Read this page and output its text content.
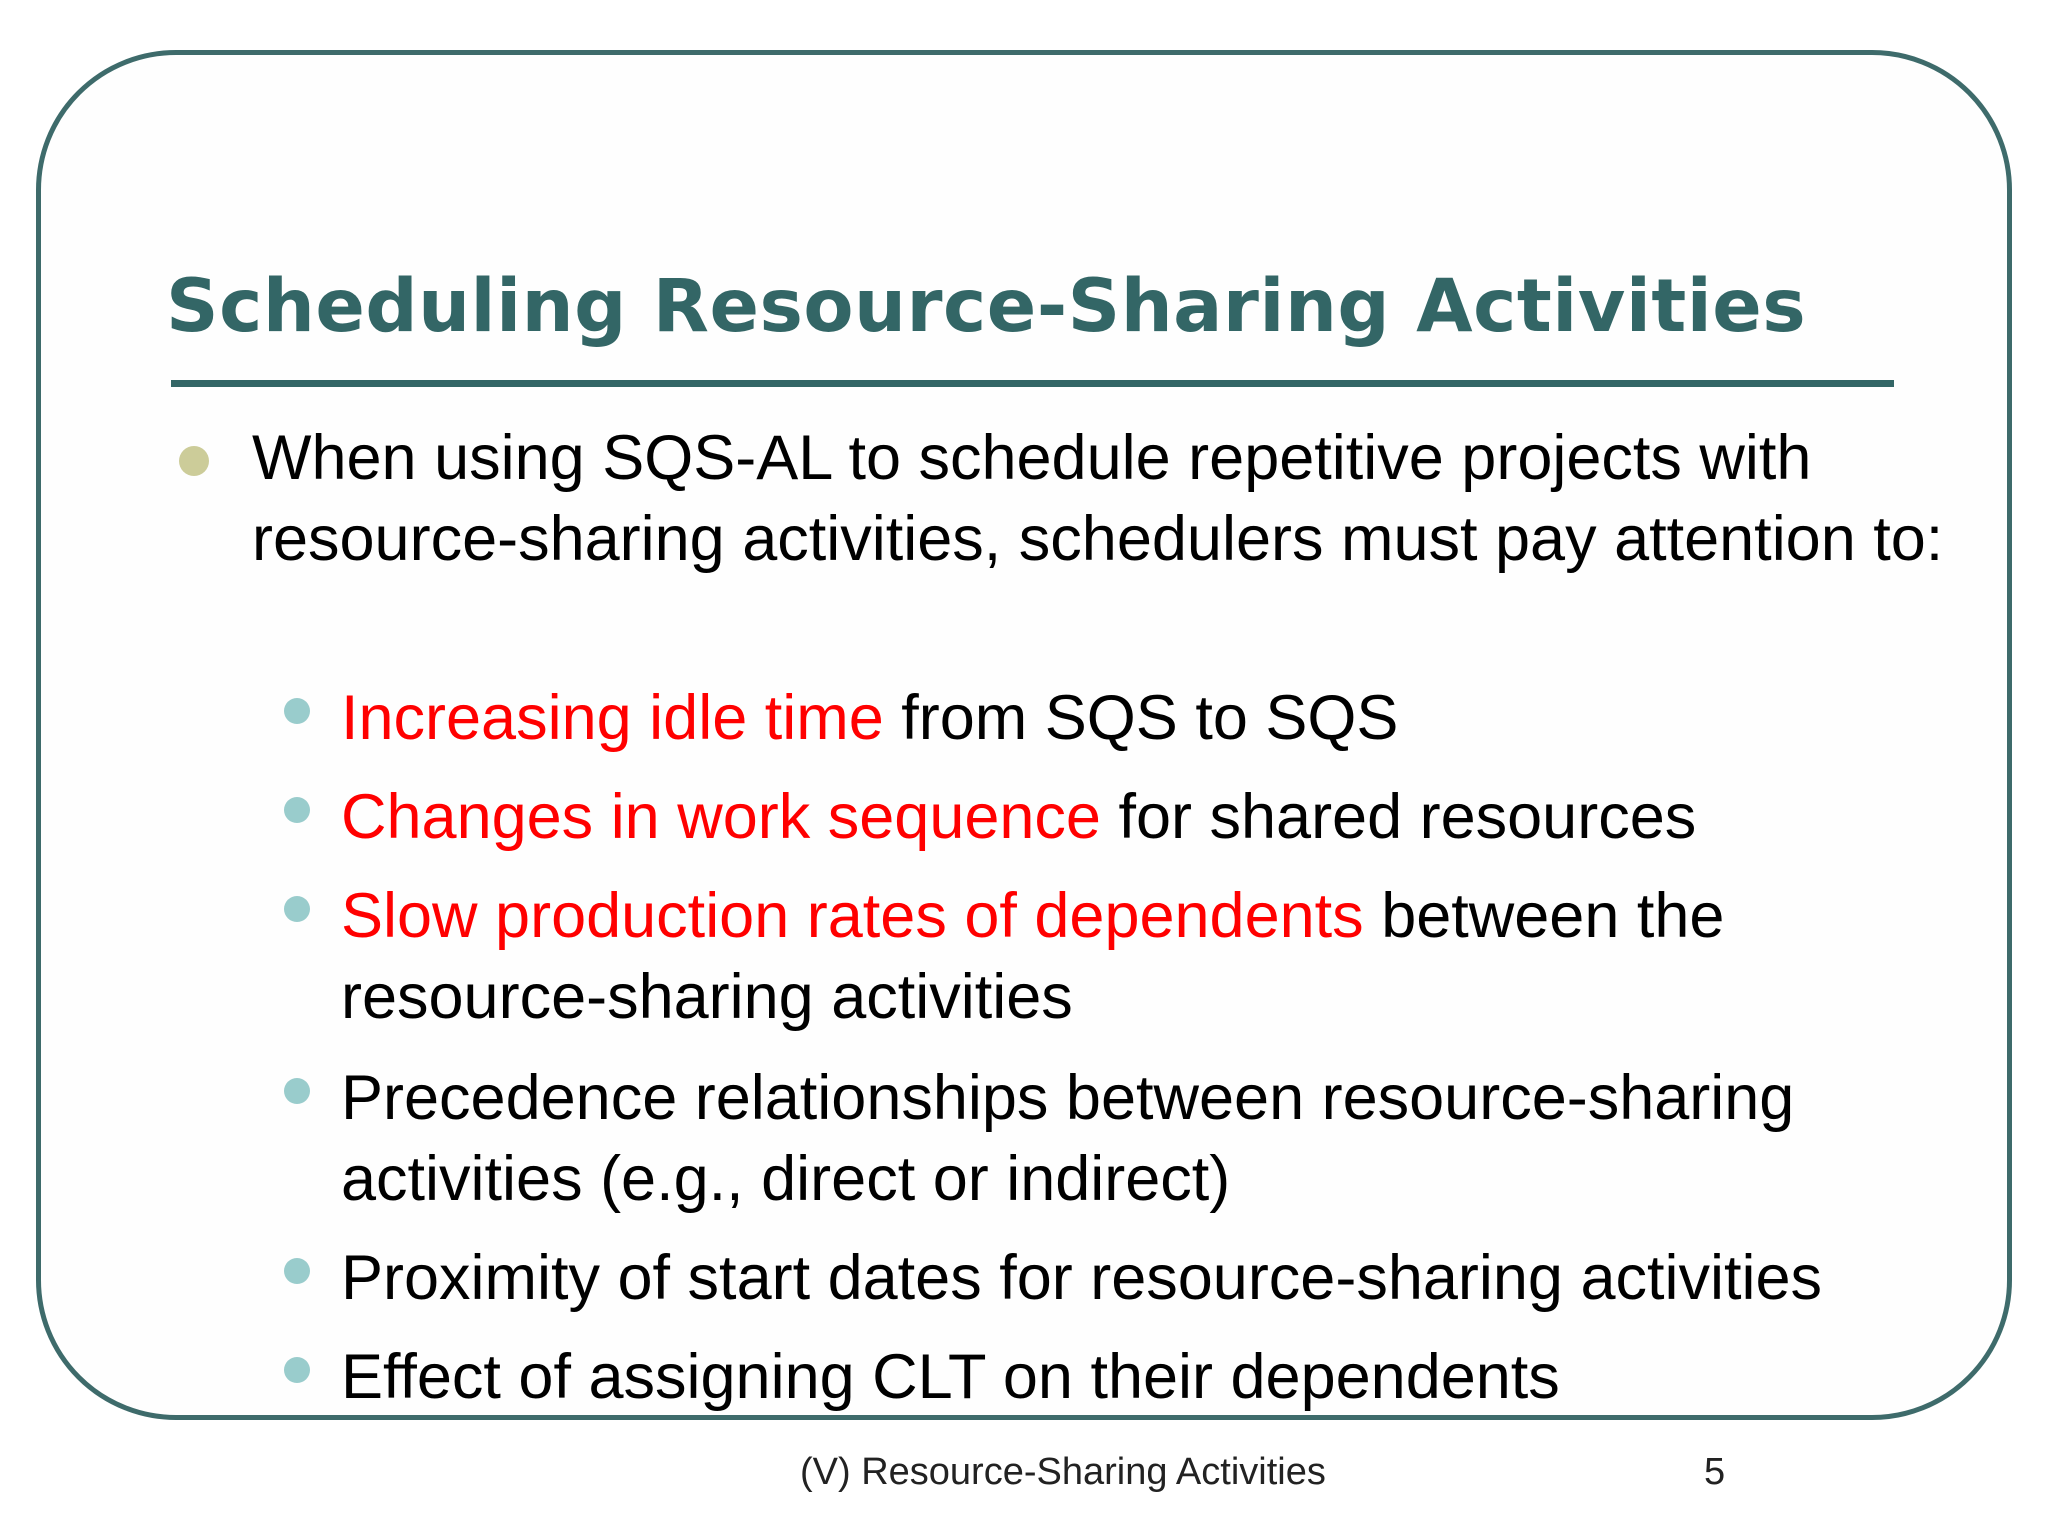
Scheduling Resource-Sharing Activities
When using SQS-AL to schedule repetitive projects with resource-sharing activities, schedulers must pay attention to:
Increasing idle time from SQS to SQS
Changes in work sequence for shared resources
Slow production rates of dependents between the resource-sharing activities
Precedence relationships between resource-sharing activities (e.g., direct or indirect)
Proximity of start dates for resource-sharing activities
Effect of assigning CLT on their dependents
(V) Resource-Sharing Activities	5
